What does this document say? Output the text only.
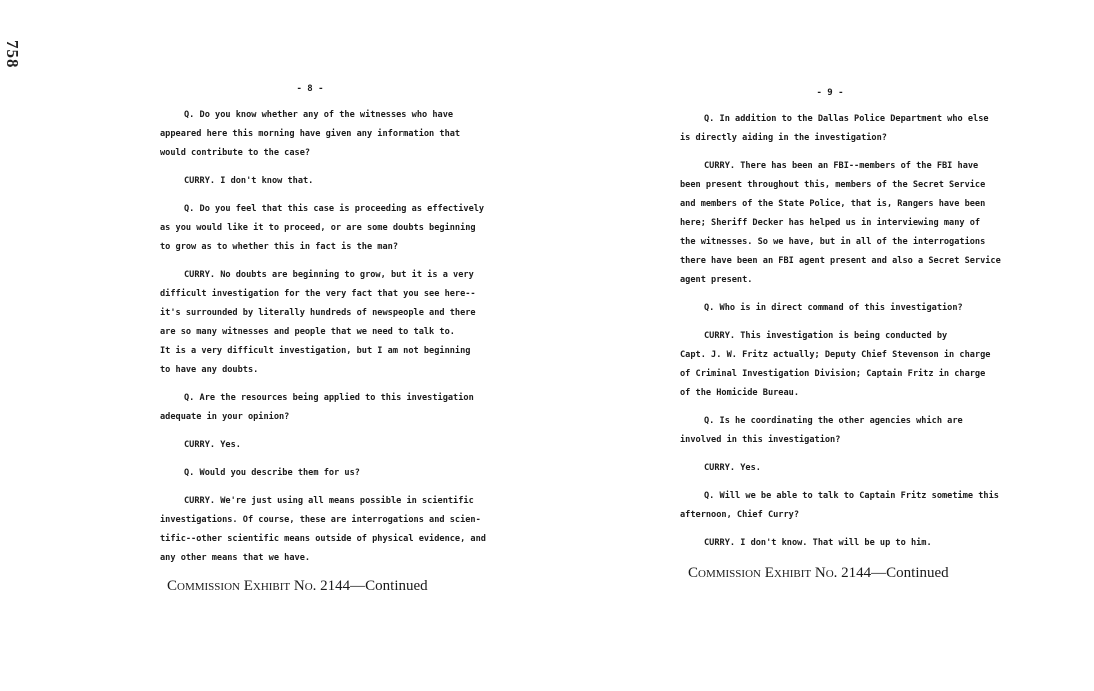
758
- 8 -
Q. Do you know whether any of the witnesses who have
appeared here this morning have given any information that
would contribute to the case?
CURRY. I don't know that.
Q. Do you feel that this case is proceeding as effectively
as you would like it to proceed, or are some doubts beginning
to grow as to whether this in fact is the man?
CURRY. No doubts are beginning to grow, but it is a very
difficult investigation for the very fact that you see here--
it's surrounded by literally hundreds of newspeople and there
are so many witnesses and people that we need to talk to.
It is a very difficult investigation, but I am not beginning
to have any doubts.
Q. Are the resources being applied to this investigation
adequate in your opinion?
CURRY. Yes.
Q. Would you describe them for us?
CURRY. We're just using all means possible in scientific
investigations. Of course, these are interrogations and scien-
tific--other scientific means outside of physical evidence, and
any other means that we have.
- 9 -
Q. In addition to the Dallas Police Department who else
is directly aiding in the investigation?
CURRY. There has been an FBI--members of the FBI have
been present throughout this, members of the Secret Service
and members of the State Police, that is, Rangers have been
here; Sheriff Decker has helped us in interviewing many of
the witnesses. So we have, but in all of the interrogations
there have been an FBI agent present and also a Secret Service
agent present.
Q. Who is in direct command of this investigation?
CURRY. This investigation is being conducted by
Capt. J. W. Fritz actually; Deputy Chief Stevenson in charge
of Criminal Investigation Division; Captain Fritz in charge
of the Homicide Bureau.
Q. Is he coordinating the other agencies which are
involved in this investigation?
CURRY. Yes.
Q. Will we be able to talk to Captain Fritz sometime this
afternoon, Chief Curry?
CURRY. I don't know. That will be up to him.
Commission Exhibit No. 2144—Continued
Commission Exhibit No. 2144—Continued
